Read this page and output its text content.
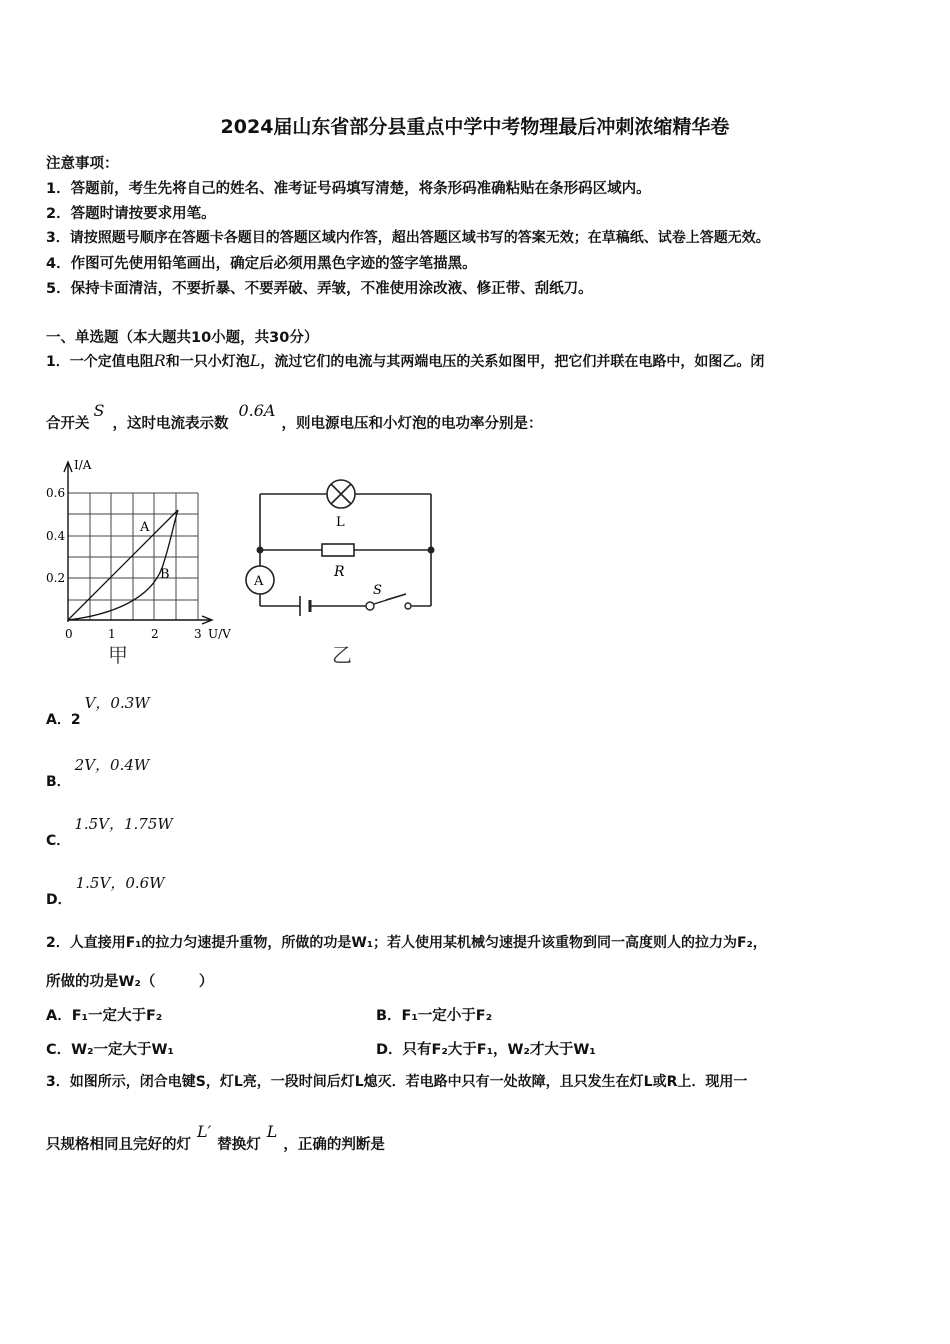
2024届山东省部分县重点中学中考物理最后冲刺浓缩精华卷
注意事项：
1．答题前，考生先将自己的姓名、准考证号码填写清楚，将条形码准确粘贴在条形码区域内。
2．答题时请按要求用笔。
3．请按照题号顺序在答题卡各题目的答题区域内作答，超出答题区域书写的答案无效；在草稿纸、试卷上答题无效。
4．作图可先使用铅笔画出，确定后必须用黑色字迹的签字笔描黑。
5．保持卡面清洁，不要折暴、不要弄破、弄皱，不准使用涂改液、修正带、刮纸刀。
一、单选题（本大题共10小题，共30分）
1．一个定值电阻R和一只小灯泡L，流过它们的电流与其两端电压的关系如图甲，把它们并联在电路中，如图乙。闭
合开关S，这时电流表示数0.6A，则电源电压和小灯泡的电功率分别是：
I/A
0.6
0.4
0.2
0	1	2	3 U/V
A
B
甲
A
L
R
S
乙
A．2V，0.3W
B．2V，0.4W
C．1.5V，1.75W
D．1.5V，0.6W
2．人直接用F₁的拉力匀速提升重物，所做的功是W₁；若人使用某机械匀速提升该重物到同一高度则人的拉力为F₂，
所做的功是W₂（　　　）
A．F₁一定大于F₂	B．F₁一定小于F₂
C．W₂一定大于W₁	D．只有F₂大于F₁，W₂才大于W₁
3．如图所示，闭合电键S，灯L亮，一段时间后灯L熄灭．若电路中只有一处故障，且只发生在灯L或R上．现用一
只规格相同且完好的灯L′替换灯L，正确的判断是
